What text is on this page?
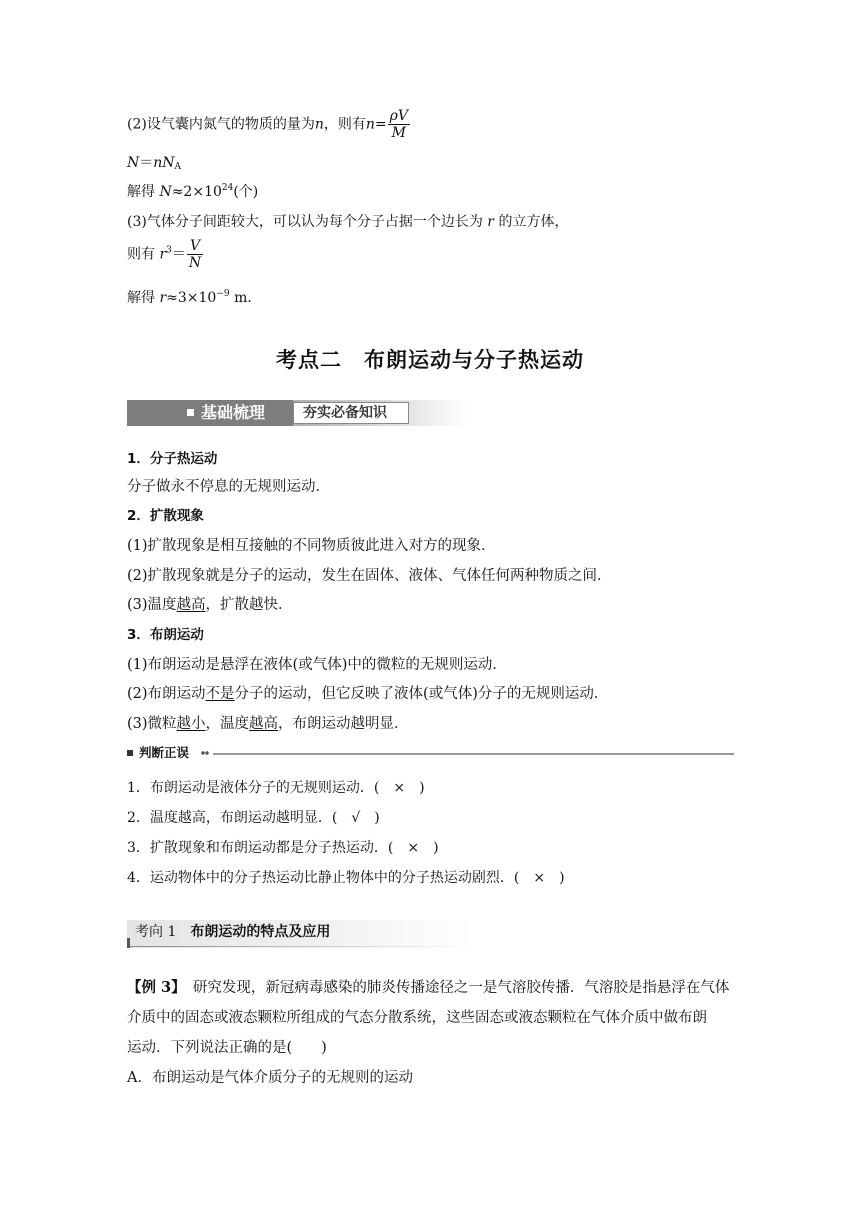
(2)设气囊内氮气的物质的量为n，则有$n= \frac{\rho V}{M}$
$N=nN_A$
解得 $N\approx 2\times 10^{24}$(个)
(3)气体分子间距较大，可以认为每个分子占据一个边长为 r 的立方体，
则有 $r^3= \frac{V}{N}$
解得 $r\approx 3\times 10^{-9}$ m．
考点二　布朗运动与分子热运动
基础梳理	夯实必备知识
1．分子热运动
分子做永不停息的无规则运动．
2．扩散现象
(1)扩散现象是相互接触的不同物质彼此进入对方的现象．
(2)扩散现象就是分子的运动，发生在固体、液体、气体任何两种物质之间．
(3)温度越高，扩散越快．
3．布朗运动
(1)布朗运动是悬浮在液体(或气体)中的微粒的无规则运动．
(2)布朗运动不是分子的运动，但它反映了液体(或气体)分子的无规则运动．
(3)微粒越小，温度越高，布朗运动越明显．
判断正误
1．布朗运动是液体分子的无规则运动．(　×　)
2．温度越高，布朗运动越明显．(　√　)
3．扩散现象和布朗运动都是分子热运动．(　×　)
4．运动物体中的分子热运动比静止物体中的分子热运动剧烈．(　×　)
考向 1　 布朗运动的特点及应用
【例 3】　 研究发现，新冠病毒感染的肺炎传播途径之一是气溶胶传播．气溶胶是指悬浮在气体
介质中的固态或液态颗粒所组成的气态分散系统，这些固态或液态颗粒在气体介质中做布朗
运动．下列说法正确的是(　　)
A．布朗运动是气体介质分子的无规则的运动
